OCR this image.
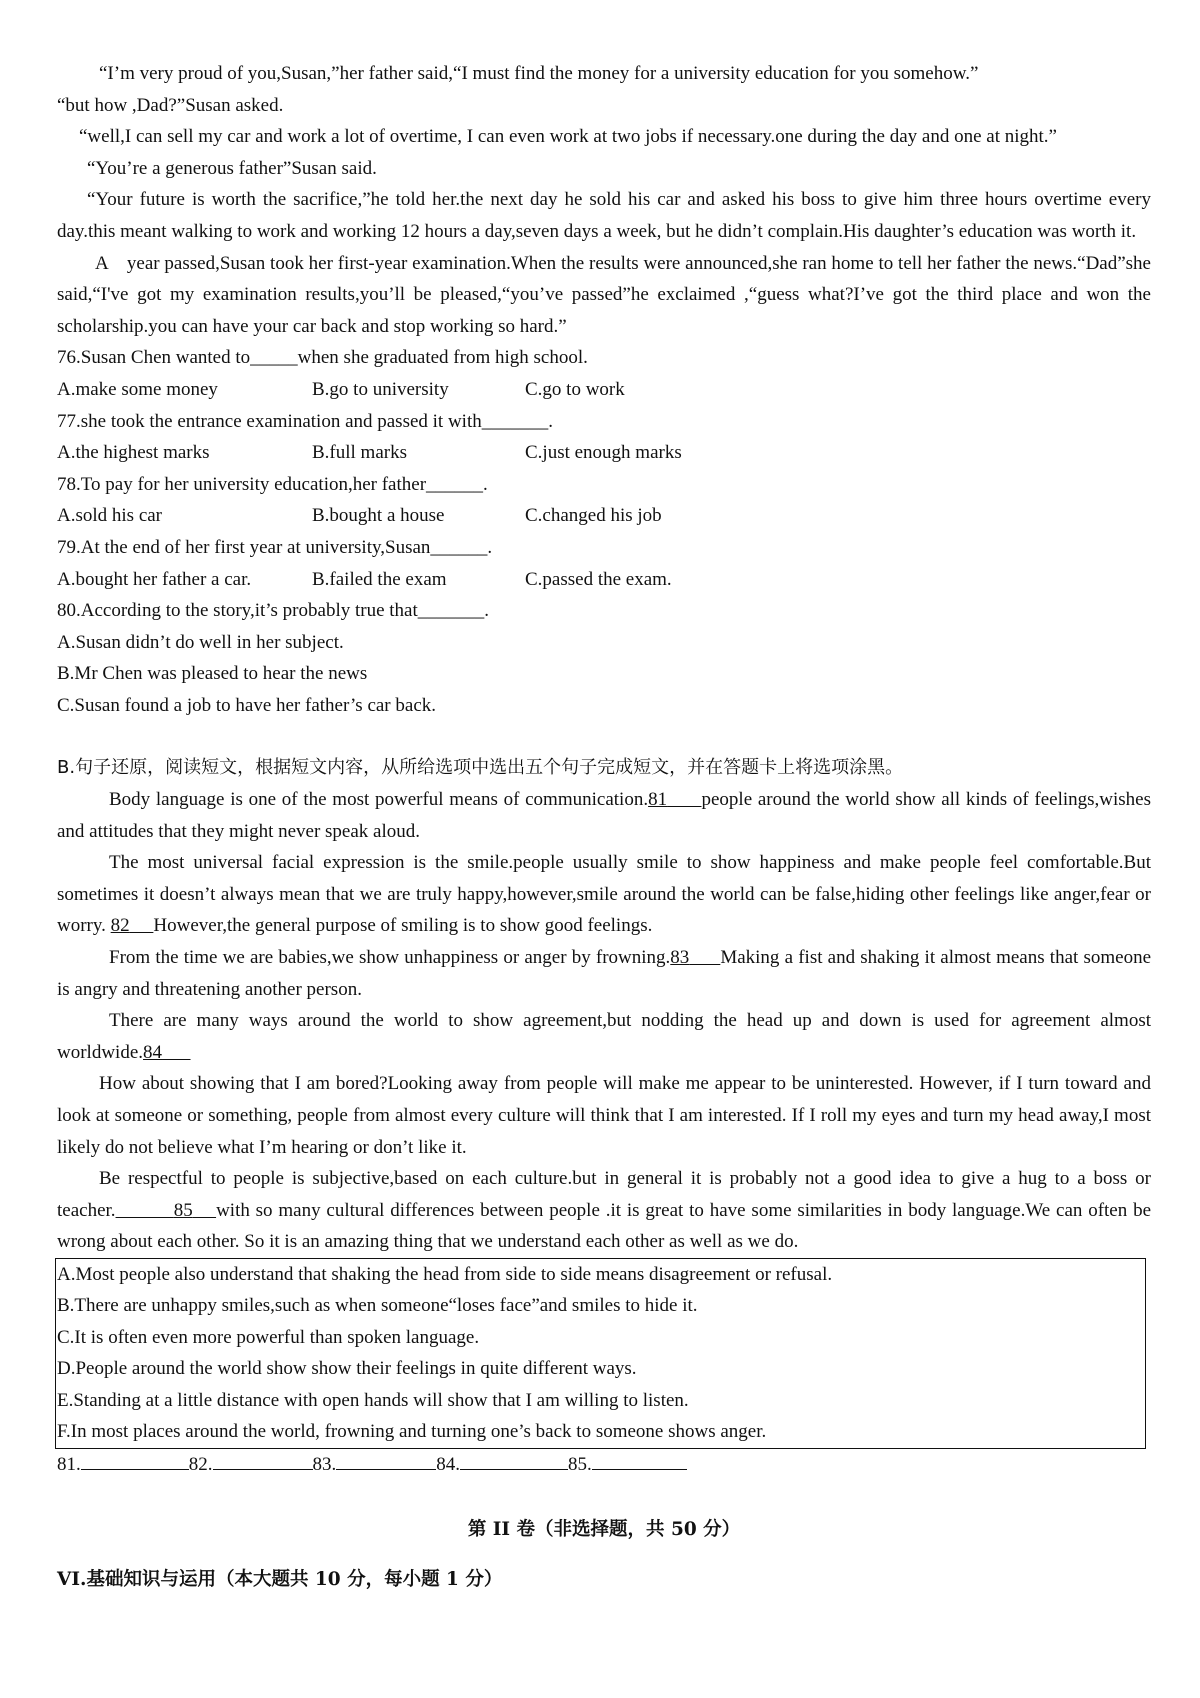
“I’m very proud of you,Susan,”her father said,“I must find the money for a university education for you somehow.”

“but how ,Dad?”Susan asked.

“well,I can sell my car and work a lot of overtime, I can even work at two jobs if necessary.one during the day and one at night.”

“You’re a generous father”Susan said.

“Your future is worth the sacrifice,”he told her.the next day he sold his car and asked his boss to give him three hours overtime every day.this meant walking to work and working 12 hours a day,seven days a week, but he didn’t complain.His daughter’s education was worth it.

A    year passed,Susan took her first-year examination.When the results were announced,she ran home to tell her father the news.“Dad”she said,“I've got my examination results,you’ll be pleased,“you’ve passed”he exclaimed ,“guess what?I’ve got the third place and won the scholarship.you can have your car back and stop working so hard.”

76.Susan Chen wanted to_____when she graduated from high school.

A.make some money	B.go to university	C.go to work

77.she took the entrance examination and passed it with_______.

A.the highest marks	B.full marks	C.just enough marks

78.To pay for her university education,her father______.

A.sold his car	B.bought a house	C.changed his job

79.At the end of her first year at university,Susan______.

A.bought her father a car.	B.failed the exam	C.passed the exam.

80.According to the story,it’s probably true that_______.

A.Susan didn’t do well in her subject.

B.Mr Chen was pleased to hear the news

C.Susan found a job to have her father’s car back.

B.句子还原，阅读短文，根据短文内容，从所给选项中选出五个句子完成短文，并在答题卡上将选项涂黑。

Body language is one of the most powerful means of communication.81 people around the world show all kinds of feelings,wishes and attitudes that they might never speak aloud.

The most universal facial expression is the smile.people usually smile to show happiness and make people feel comfortable.But sometimes it doesn’t always mean that we are truly happy,however,smile around the world can be false,hiding other feelings like anger,fear or worry. 82 However,the general purpose of smiling is to show good feelings.

From the time we are babies,we show unhappiness or anger by frowning.83 Making a fist and shaking it almost means that someone is angry and threatening another person.

There are many ways around the world to show agreement,but nodding the head up and down is used for agreement almost worldwide.84

How about showing that I am bored?Looking away from people will make me appear to be uninterested. However, if I turn toward and look at someone or something, people from almost every culture will think that I am interested. If I roll my eyes and turn my head away,I most likely do not believe what I’m hearing or don’t like it.

Be respectful to people is subjective,based on each culture.but in general it is probably not a good idea to give a hug to a boss or teacher.	85 with so many cultural differences between people .it is great to have some similarities in body language.We can often be wrong about each other. So it is an amazing thing that we understand each other as well as we do.

A.Most people also understand that shaking the head from side to side means disagreement or refusal.

B.There are unhappy smiles,such as when someone“loses face”and smiles to hide it.

C.It is often even more powerful than spoken language.

D.People around the world show show their feelings in quite different ways.

E.Standing at a little distance with open hands will show that I am willing to listen.

F.In most places around the world, frowning and turning one’s back to someone shows anger.

81.	82.	83.	84.	85.

第 II 卷（非选择题，共 50 分）

VI.基础知识与运用（本大题共 10 分，每小题 1 分）
